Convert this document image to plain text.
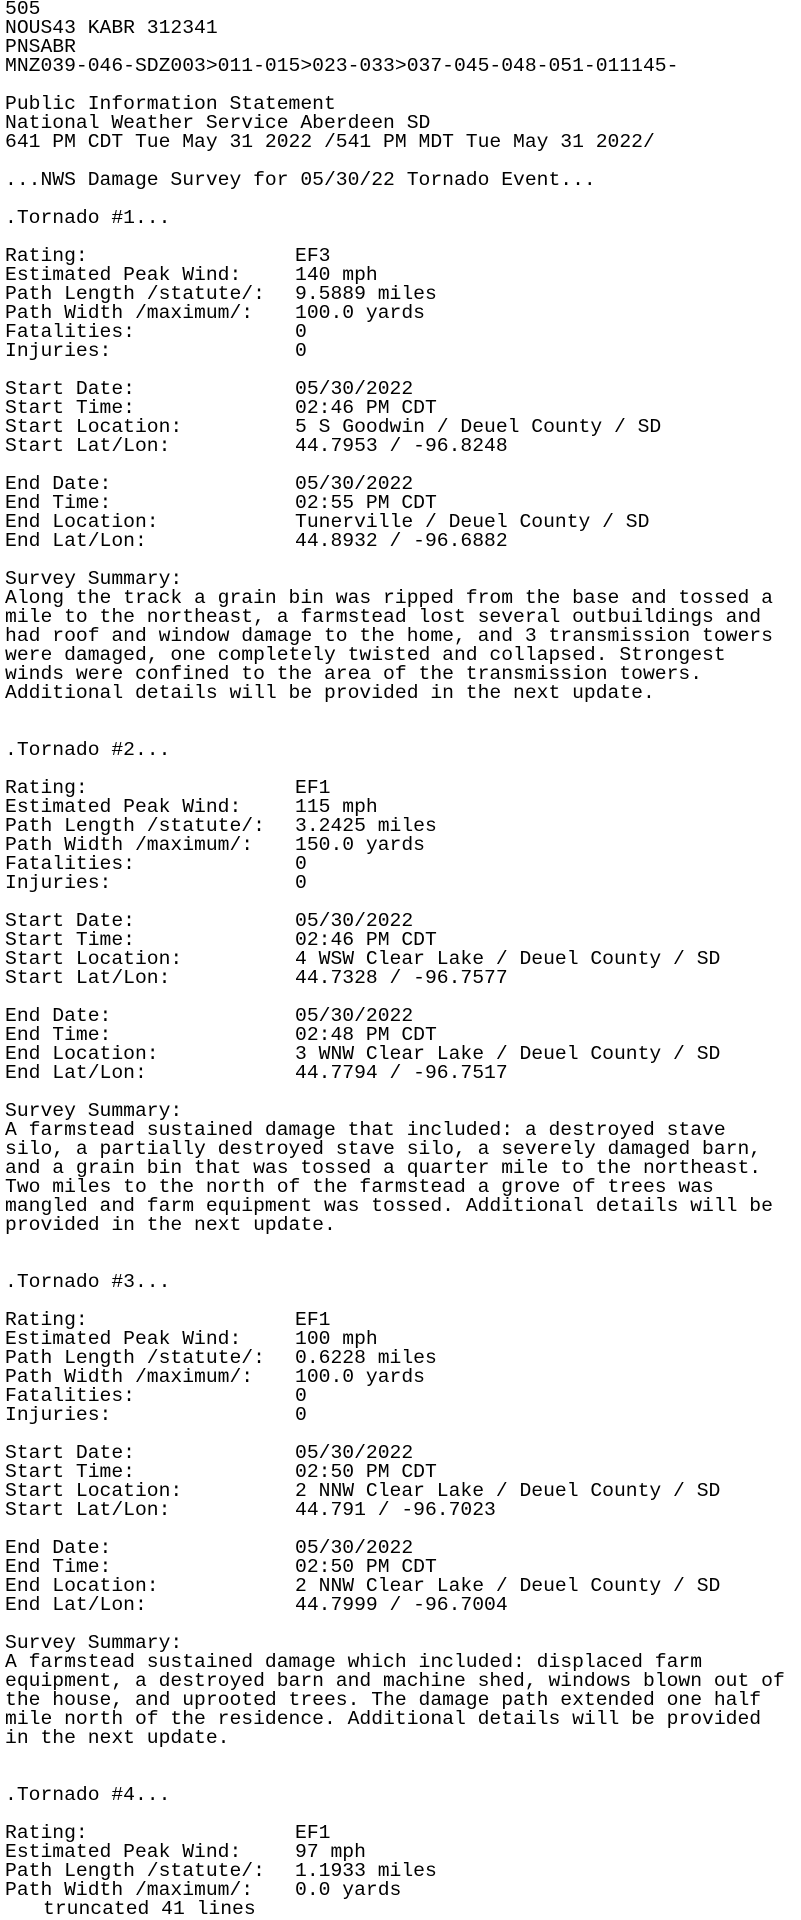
505
NOUS43 KABR 312341
PNSABR
MNZ039-046-SDZ003>011-015>023-033>037-045-048-051-011145-
Public Information Statement
National Weather Service Aberdeen SD
641 PM CDT Tue May 31 2022 /541 PM MDT Tue May 31 2022/
...NWS Damage Survey for 05/30/22 Tornado Event...
.Tornado #1...
Rating:	EF3
Estimated Peak Wind:	140 mph
Path Length /statute/: 9.5889 miles
Path Width /maximum/: 100.0 yards
Fatalities:	0
Injuries:	0
Start Date:	05/30/2022
Start Time:	02:46 PM CDT
Start Location:	5 S Goodwin / Deuel County / SD
Start Lat/Lon:	44.7953 / -96.8248
End Date:	05/30/2022
End Time:	02:55 PM CDT
End Location:	Tunerville / Deuel County / SD
End Lat/Lon:	44.8932 / -96.6882
Survey Summary:
Along the track a grain bin was ripped from the base and tossed a
mile to the northeast, a farmstead lost several outbuildings and
had roof and window damage to the home, and 3 transmission towers
were damaged, one completely twisted and collapsed. Strongest
winds were confined to the area of the transmission towers.
Additional details will be provided in the next update.
.Tornado #2...
Rating:	EF1
Estimated Peak Wind:	115 mph
Path Length /statute/: 3.2425 miles
Path Width /maximum/: 150.0 yards
Fatalities:	0
Injuries:	0
Start Date:	05/30/2022
Start Time:	02:46 PM CDT
Start Location:	4 WSW Clear Lake / Deuel County / SD
Start Lat/Lon:	44.7328 / -96.7577
End Date:	05/30/2022
End Time:	02:48 PM CDT
End Location:	3 WNW Clear Lake / Deuel County / SD
End Lat/Lon:	44.7794 / -96.7517
Survey Summary:
A farmstead sustained damage that included: a destroyed stave
silo, a partially destroyed stave silo, a severely damaged barn,
and a grain bin that was tossed a quarter mile to the northeast.
Two miles to the north of the farmstead a grove of trees was
mangled and farm equipment was tossed. Additional details will be
provided in the next update.
.Tornado #3...
Rating:	EF1
Estimated Peak Wind:	100 mph
Path Length /statute/: 0.6228 miles
Path Width /maximum/: 100.0 yards
Fatalities:	0
Injuries:	0
Start Date:	05/30/2022
Start Time:	02:50 PM CDT
Start Location:	2 NNW Clear Lake / Deuel County / SD
Start Lat/Lon:	44.791 / -96.7023
End Date:	05/30/2022
End Time:	02:50 PM CDT
End Location:	2 NNW Clear Lake / Deuel County / SD
End Lat/Lon:	44.7999 / -96.7004
Survey Summary:
A farmstead sustained damage which included: displaced farm
equipment, a destroyed barn and machine shed, windows blown out of
the house, and uprooted trees. The damage path extended one half
mile north of the residence. Additional details will be provided
in the next update.
.Tornado #4...
Rating:	EF1
Estimated Peak Wind:	97 mph
Path Length /statute/: 1.1933 miles
Path Width /maximum/: 0.0 yards
truncated 41 lines
